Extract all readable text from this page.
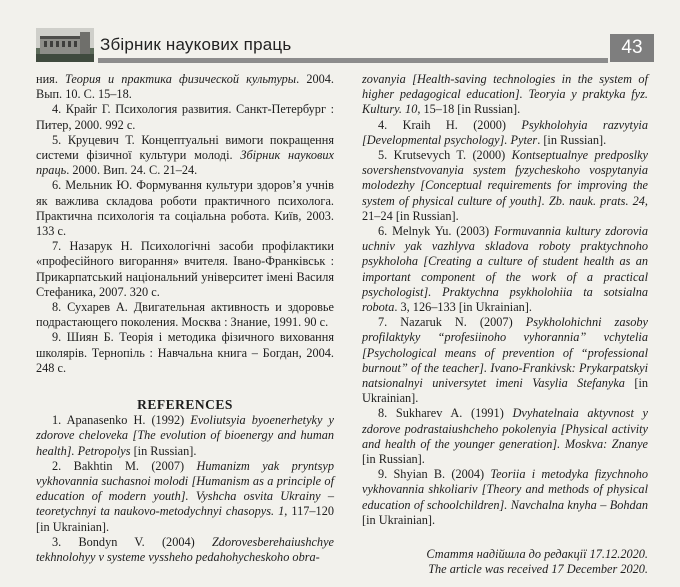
Збірник наукових праць	43

ния. Теория и практика физической культуры. 2004. Вып. 10. С. 15–18.

4. Крайг Г. Психология развития. Санкт-Петербург : Питер, 2000. 992 с.

5. Круцевич Т. Концептуальні вимоги покращення системи фізичної культури молоді. Збірник наукових праць. 2000. Вип. 24. С. 21–24.

6. Мельник Ю. Формування культури здоров’я учнів як важлива складова роботи практичного психолога. Практична психологія та соціальна робота. Київ, 2003. 133 с.

7. Назарук Н. Психологічні засоби профілактики «професійного вигорання» вчителя. Івано-Франківськ : Прикарпатський національний університет імені Василя Стефаника, 2007. 320 с.

8. Сухарев А. Двигательная активность и здоровье подрастающего поколения. Москва : Знание, 1991. 90 с.

9. Шиян Б. Теорія і методика фізичного виховання школярів. Тернопіль : Навчальна книга – Богдан, 2004. 248 с.

REFERENCES

1. Apanasenko H. (1992) Evoliutsyia byoenerhetyky y zdorove cheloveka [The evolution of bioenergy and human health]. Petropolys [in Russian].

2. Bakhtin M. (2007) Humanizm yak pryntsyp vykhovannia suchasnoi molodi [Humanism as a principle of education of modern youth]. Vyshcha osvita Ukrainy – teoretychnyi ta naukovo-metodychnyi chasopys. 1, 117–120 [in Ukrainian].

3. Bondyn V. (2004) Zdorovesberehaiushchye tekhnolohyy v systeme vyssheho pedahohycheskoho obra-

zovanyia [Health-saving technologies in the system of higher pedagogical education]. Teoryia y praktyka fyz. Kultury. 10, 15–18 [in Russian].

4. Kraih H. (2000) Psykholohyia razvytyia [Developmental psychology]. Pyter. [in Russian].

5. Krutsevych T. (2000) Kontseptualnye predposlky sovershenstvovanyia system fyzycheskoho vospytanyia molodezhy [Conceptual requirements for improving the system of physical culture of youth]. Zb. nauk. prats. 24, 21–24 [in Russian].

6. Melnyk Yu. (2003) Formuvannia kultury zdorovia uchniv yak vazhlyva skladova roboty praktychnoho psykholoha [Creating a culture of student health as an important component of the work of a practical psychologist]. Praktychna psykholohiia ta sotsialna robota. 3, 126–133 [in Ukrainian].

7. Nazaruk N. (2007) Psykholohichni zasoby profilaktyky “profesiinoho vyhorannia” vchytelia [Psychological means of prevention of “professional burnout” of the teacher]. Ivano-Frankivsk: Prykarpatskyi natsionalnyi universytet imeni Vasylia Stefanyka [in Ukrainian].

8. Sukharev A. (1991) Dvyhatelnaia aktyvnost y zdorove podrastaiushcheho pokolenyia [Physical activity and health of the younger generation]. Moskva: Znanye [in Russian].

9. Shyian B. (2004) Teoriia i metodyka fizychnoho vykhovannia shkoliariv [Theory and methods of physical education of schoolchildren]. Navchalna knyha – Bohdan [in Ukrainian].

Стаття надійшла до редакції 17.12.2020.
The article was received 17 December 2020.
